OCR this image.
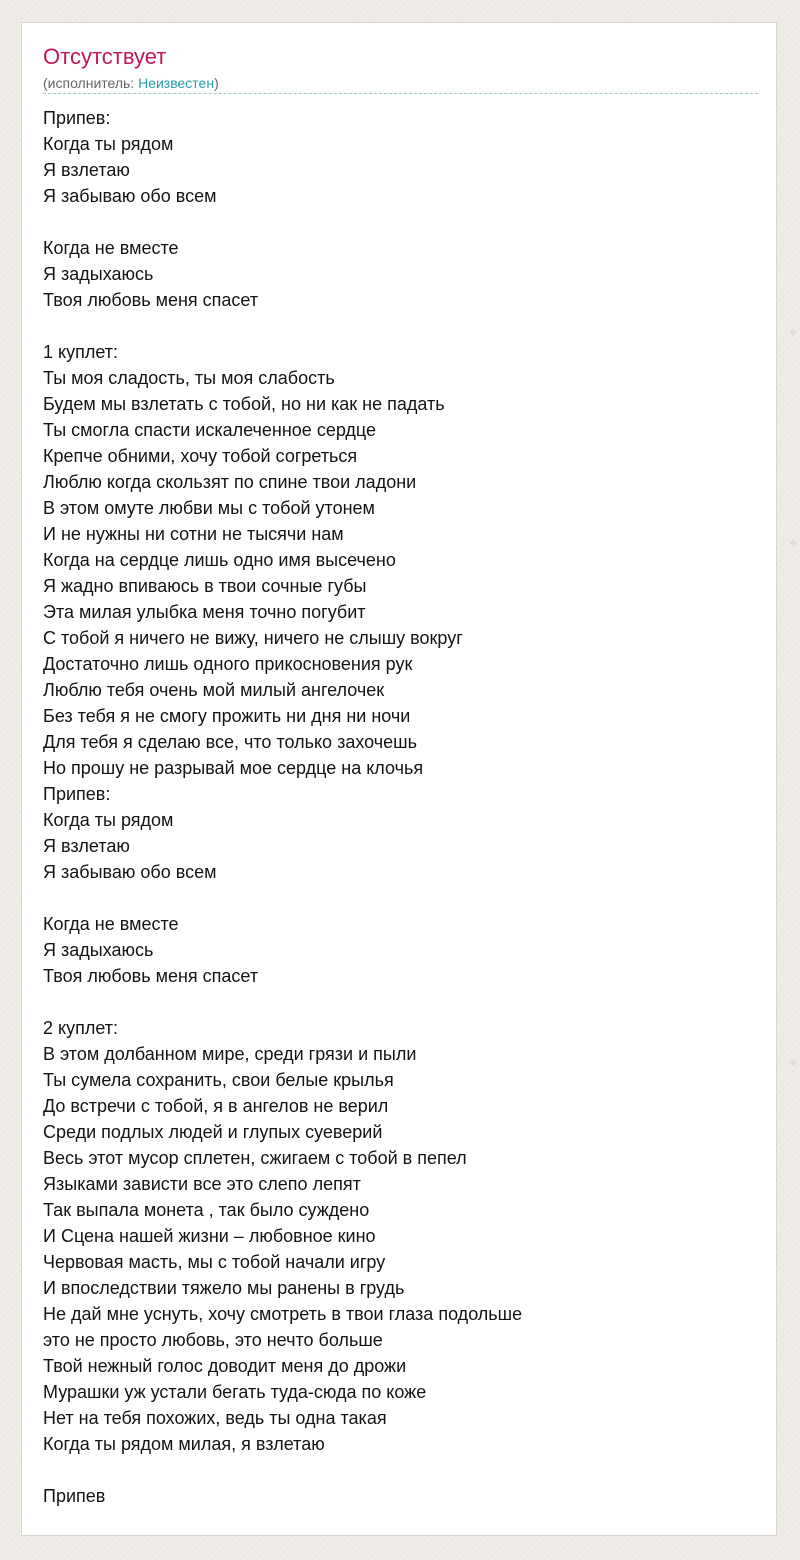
Отсутствует
(исполнитель: Неизвестен)
Припев:
Когда ты рядом
Я взлетаю
Я забываю обо всем
Когда не вместе
Я задыхаюсь
Твоя любовь меня спасет
1 куплет:
Ты моя сладость, ты моя слабость
Будем мы взлетать с тобой, но ни как не падать
Ты смогла спасти искалеченное сердце
Крепче обними, хочу тобой согреться
Люблю когда скользят по спине твои ладони
В этом омуте любви мы с тобой утонем
И не нужны ни сотни не тысячи нам
Когда на сердце лишь одно имя высечено
Я жадно впиваюсь в твои сочные губы
Эта милая улыбка меня точно погубит
С тобой я ничего не вижу, ничего не слышу вокруг
Достаточно лишь одного прикосновения рук
Люблю тебя очень мой милый ангелочек
Без тебя я не смогу прожить ни дня ни ночи
Для тебя я сделаю все, что только захочешь
Но прошу не разрывай мое сердце на клочья
Припев:
Когда ты рядом
Я взлетаю
Я забываю обо всем
Когда не вместе
Я задыхаюсь
Твоя любовь меня спасет
2 куплет:
В этом долбанном мире, среди грязи и пыли
Ты сумела сохранить, свои белые крылья
До встречи с тобой, я в ангелов не верил
Среди подлых людей и глупых суеверий
Весь этот мусор сплетен, сжигаем с тобой в пепел
Языками зависти все это слепо лепят
Так выпала монета , так было суждено
И Сцена нашей жизни – любовное кино
Червовая масть, мы с тобой начали игру
И впоследствии тяжело мы ранены в грудь
Не дай мне уснуть, хочу смотреть в твои глаза подольше
это не просто любовь, это нечто больше
Твой нежный голос доводит меня до дрожи
Мурашки уж устали бегать туда-сюда по коже
Нет на тебя похожих, ведь ты одна такая
Когда ты рядом милая, я взлетаю
Припев
